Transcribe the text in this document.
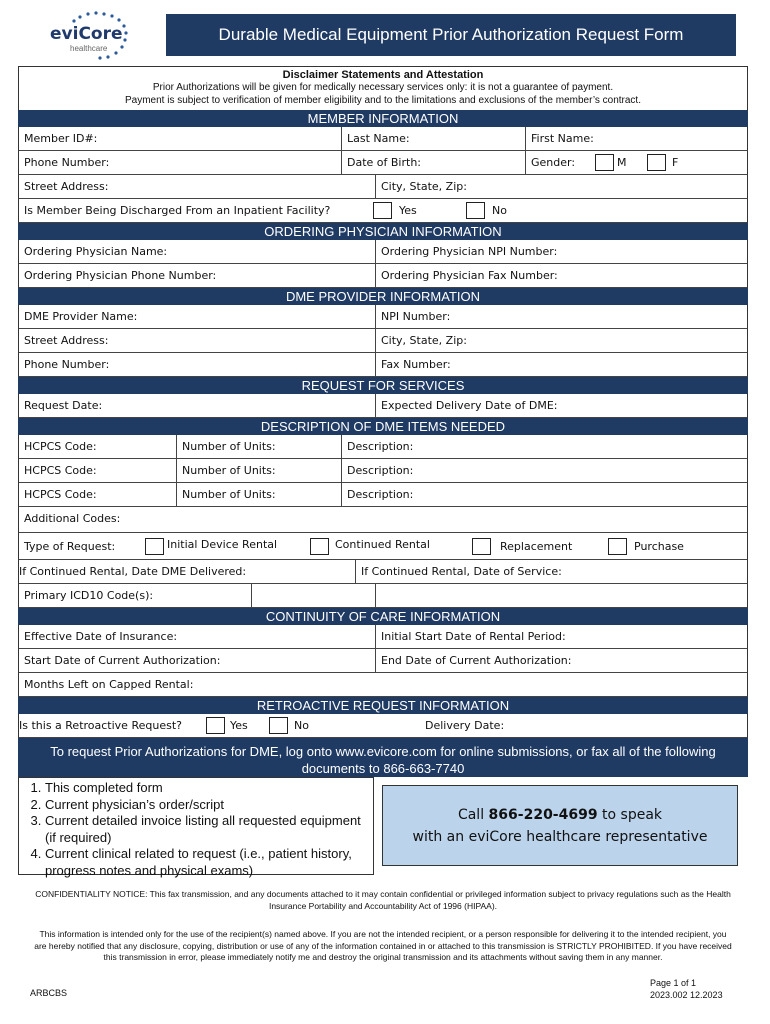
eviCore
healthcare
Durable Medical Equipment Prior Authorization Request Form
Disclaimer Statements and Attestation
Prior Authorizations will be given for medically necessary services only: it is not a guarantee of payment.
Payment is subject to verification of member eligibility and to the limitations and exclusions of the member’s contract.
MEMBER INFORMATION
Member ID#:	Last Name:	First Name:
Phone Number:	Date of Birth:	Gender:	M	F
Street Address:	City, State, Zip:
Is Member Being Discharged From an Inpatient Facility?	Yes	No
ORDERING PHYSICIAN INFORMATION
Ordering Physician Name:	Ordering Physician NPI Number:
Ordering Physician Phone Number:	Ordering Physician Fax Number:
DME PROVIDER INFORMATION
DME Provider Name:	NPI Number:
Street Address:	City, State, Zip:
Phone Number:	Fax Number:
REQUEST FOR SERVICES
Request Date:	Expected Delivery Date of DME:
DESCRIPTION OF DME ITEMS NEEDED
HCPCS Code:	Number of Units:	Description:
HCPCS Code:	Number of Units:	Description:
HCPCS Code:	Number of Units:	Description:
Additional Codes:
Type of Request:	Initial Device Rental	Continued Rental	Replacement	Purchase
If Continued Rental, Date DME Delivered:	If Continued Rental, Date of Service:
Primary ICD10 Code(s):
CONTINUITY OF CARE INFORMATION
Effective Date of Insurance:	Initial Start Date of Rental Period:
Start Date of Current Authorization:	End Date of Current Authorization:
Months Left on Capped Rental:
RETROACTIVE REQUEST INFORMATION
Is this a Retroactive Request?	Yes	No	Delivery Date:
To request Prior Authorizations for DME, log onto www.evicore.com for online submissions, or fax all of the following
documents to 866-663-7740
1. This completed form
2. Current physician’s order/script
3. Current detailed invoice listing all requested equipment (if required)
4. Current clinical related to request (i.e., patient history, progress notes and physical exams)
Call 866-220-4699 to speak
with an eviCore healthcare representative
CONFIDENTIALITY NOTICE: This fax transmission, and any documents attached to it may contain confidential or privileged information subject to privacy regulations such as the Health Insurance Portability and Accountability Act of 1996 (HIPAA).
This information is intended only for the use of the recipient(s) named above. If you are not the intended recipient, or a person responsible for delivering it to the intended recipient, you are hereby notified that any disclosure, copying, distribution or use of any of the information contained in or attached to this transmission is STRICTLY PROHIBITED. If you have received this transmission in error, please immediately notify me and destroy the original transmission and its attachments without saving them in any manner.
ARBCBS
Page 1 of 1
2023.002 12.2023
